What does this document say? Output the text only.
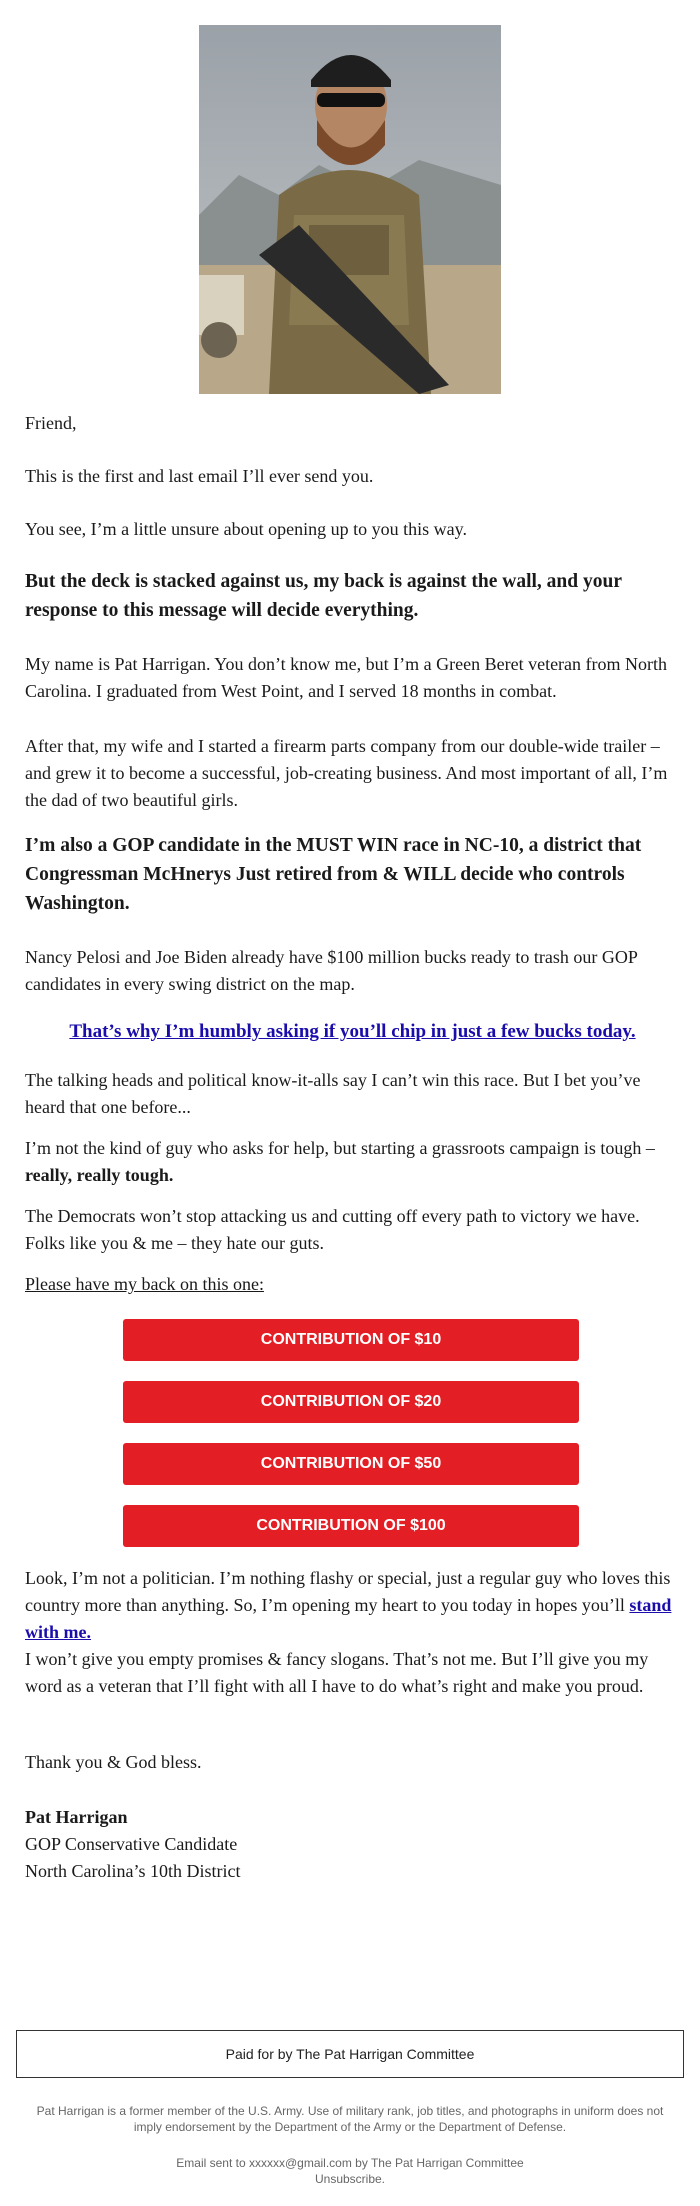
Friend,

This is the first and last email I’ll ever send you.

You see, I’m a little unsure about opening up to you this way.

But the deck is stacked against us, my back is against the wall, and your response to this message will decide everything.

My name is Pat Harrigan. You don’t know me, but I’m a Green Beret veteran from North Carolina. I graduated from West Point, and I served 18 months in combat.

After that, my wife and I started a firearm parts company from our double-wide trailer – and grew it to become a successful, job-creating business. And most important of all, I’m the dad of two beautiful girls.

I’m also a GOP candidate in the MUST WIN race in NC-10, a district that Congressman McHnerys Just retired from & WILL decide who controls Washington.

Nancy Pelosi and Joe Biden already have $100 million bucks ready to trash our GOP candidates in every swing district on the map.

That’s why I’m humbly asking if you’ll chip in just a few bucks today.

The talking heads and political know-it-alls say I can’t win this race. But I bet you’ve heard that one before...

I’m not the kind of guy who asks for help, but starting a grassroots campaign is tough – really, really tough.

The Democrats won’t stop attacking us and cutting off every path to victory we have. Folks like you & me – they hate our guts.

Please have my back on this one:

CONTRIBUTION OF $10
CONTRIBUTION OF $20
CONTRIBUTION OF $50
CONTRIBUTION OF $100

Look, I’m not a politician. I’m nothing flashy or special, just a regular guy who loves this country more than anything. So, I’m opening my heart to you today in hopes you’ll stand with me.

I won’t give you empty promises & fancy slogans. That’s not me. But I’ll give you my word as a veteran that I’ll fight with all I have to do what’s right and make you proud.

Thank you & God bless.

Pat Harrigan

GOP Conservative Candidate

North Carolina’s 10th District

Paid for by The Pat Harrigan Committee
Pat Harrigan is a former member of the U.S. Army. Use of military rank, job titles, and photographs in uniform does not imply endorsement by the Department of the Army or the Department of Defense.
Email sent to xxxxxx@gmail.com by The Pat Harrigan Committee
Unsubscribe.
